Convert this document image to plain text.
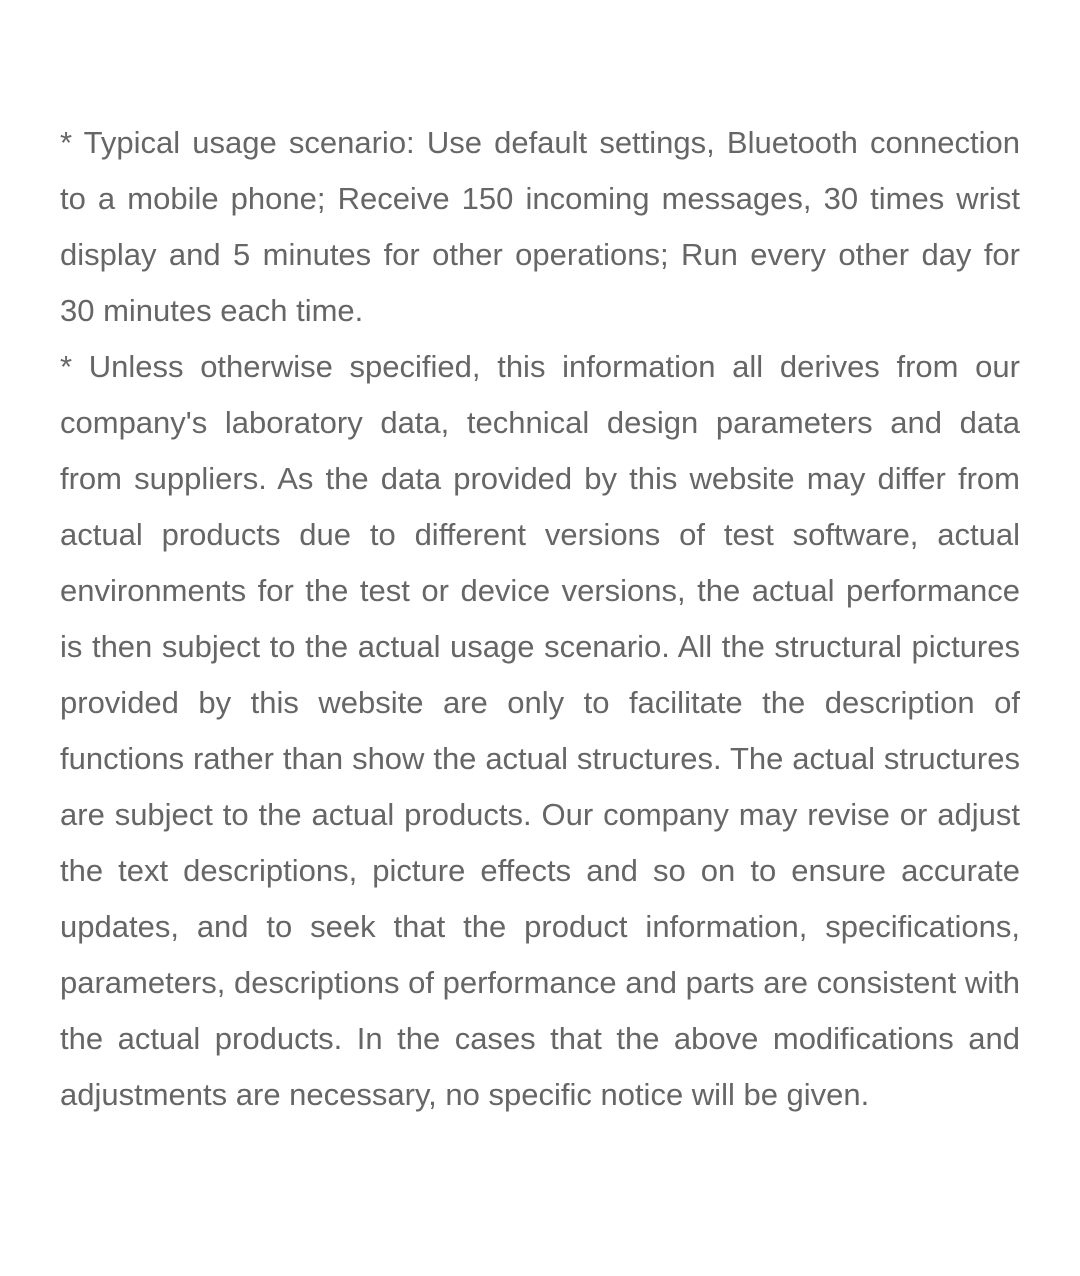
* Typical usage scenario: Use default settings, Bluetooth connection to a mobile phone; Receive 150 incoming messages, 30 times wrist display and 5 minutes for other operations; Run every other day for 30 minutes each time.

* Unless otherwise specified, this information all derives from our company's laboratory data, technical design parameters and data from suppliers. As the data provided by this website may differ from actual products due to different versions of test software, actual environments for the test or device versions, the actual performance is then subject to the actual usage scenario. All the structural pictures provided by this website are only to facilitate the description of functions rather than show the actual structures. The actual structures are subject to the actual products. Our company may revise or adjust the text descriptions, picture effects and so on to ensure accurate updates, and to seek that the product information, specifications, parameters, descriptions of performance and parts are consistent with the actual products. In the cases that the above modifications and adjustments are necessary, no specific notice will be given.
